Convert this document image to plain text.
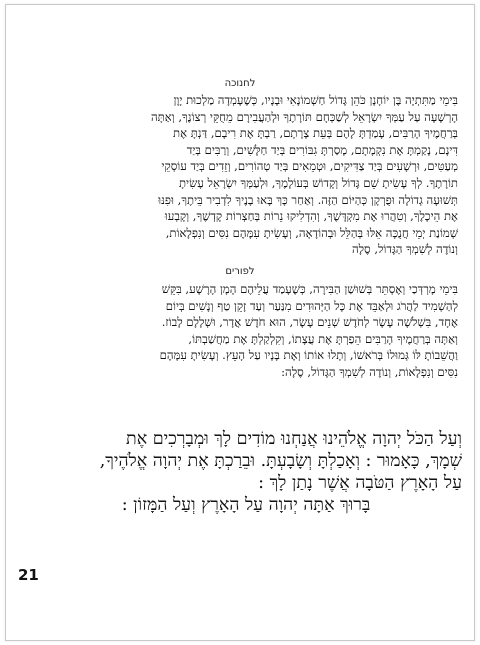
לחנוכה
בִּימֵי מַתִּתְיָה בֶּן יוֹחָנָן כֹּהֵן גָּדוֹל חַשְׁמוֹנָאִי וּבָנָיו, כְּשֶׁעָמְדָה מַלְכוּת יָוָן
הָרְשָׁעָה עַל עַמְּךָ יִשְׂרָאֵל לְשַׁכְּחָם תּוֹרָתֶךָ וּלְהַעֲבִירָם מֵחֻקֵּי רְצוֹנֶךָ, וְאַתָּה
בְּרַחֲמֶיךָ הָרַבִּים, עָמַדְתָּ לָהֶם בְּעֵת צָרָתָם, רַבְתָּ אֶת רִיבָם, דַּנְתָּ אֶת
דִּינָם, נָקַמְתָּ אֶת נִקְמָתָם, מָסַרְתָּ גִבּוֹרִים בְּיַד חַלָּשִׁים, וְרַבִּים בְּיַד
מְעַטִּים, וּרְשָׁעִים בְּיַד צַדִּיקִים, וּטְמֵאִים בְּיַד טְהוֹרִים, וְזֵדִים בְּיַד עוֹסְקֵי
תוֹרָתֶךָ. לְךָ עָשִׂיתָ שֵׁם גָּדוֹל וְקָדוֹשׁ בְּעוֹלָמֶךָ, וּלְעַמְּךָ יִשְׂרָאֵל עָשִׂיתָ
תְּשׁוּעָה גְדוֹלָה וּפֻרְקָן כְּהַיּוֹם הַזֶּה. וְאַחַר כָּךְ בָּאוּ בָנֶיךָ לִדְבִיר בֵּיתֶךָ, וּפִנּוּ
אֶת הֵיכָלֶךָ, וְטִהֲרוּ אֶת מִקְדָּשֶׁךָ, וְהִדְלִיקוּ נֵרוֹת בְּחַצְרוֹת קָדְשֶׁךָ, וְקָבְעוּ
שְׁמוֹנַת יְמֵי חֲנֻכָּה אֵלּוּ בְּהַלֵּל וּבְהוֹדָאָה, וְעָשִׂיתָ עִמָּהֶם נִסִּים וְנִפְלָאוֹת,
וְנוֹדֶה לְשִׁמְךָ הַגָּדוֹל, סֶלָה
לפורים
בִּימֵי מָרְדְּכַי וְאֶסְתֵּר בְּשׁוּשַׁן הַבִּירָה, כְּשֶׁעָמַד עֲלֵיהֶם הָמָן הָרָשָׁע, בִּקֵּשׁ
לְהַשְׁמִיד לַהֲרֹג וּלְאַבֵּד אֶת כָּל הַיְּהוּדִים מִנַּעַר וְעַד זָקֵן טַף וְנָשִׁים בְּיוֹם
אֶחָד, בִּשְׁלֹשָׁה עָשָׂר לְחֹדֶשׁ שְׁנֵים עָשָׂר, הוּא חֹדֶשׁ אֲדָר, וּשְׁלָלָם לָבוֹז.
וְאַתָּה בְּרַחֲמֶיךָ הָרַבִּים הֵפַרְתָּ אֶת עֲצָתוֹ, וְקִלְקַלְתָּ אֶת מַחֲשַׁבְתּוֹ,
וַהֲשֵׁבוֹתָ לּוֹ גְּמוּלוֹ בְּרֹאשׁוֹ, וְתָלוּ אוֹתוֹ וְאֶת בָּנָיו עַל הָעֵץ. וְעָשִׂיתָ עִמָּהֶם
נִסִּים וְנִפְלָאוֹת, וְנוֹדֶה לְשִׁמְךָ הַגָּדוֹל, סֶלָה:
וְעַל הַכֹּל יְהוָה אֱלֹהֵינוּ אֲנַחְנוּ מוֹדִים לָךְ וּמְבָרְכִים אֶת
שְׁמָךְ, כָּאָמוּר : וְאָכַלְתָּ וְשָׂבָעְתָּ. וּבֵרַכְתָּ אֶת יְהוָה אֱלֹהֶיךָ,
עַל הָאָרֶץ הַטֹּבָה אֲשֶׁר נָתַן לָךְ :
בָּרוּךְ אַתָּה יְהוָה עַל הָאָרֶץ וְעַל הַמָּזוֹן :
21
